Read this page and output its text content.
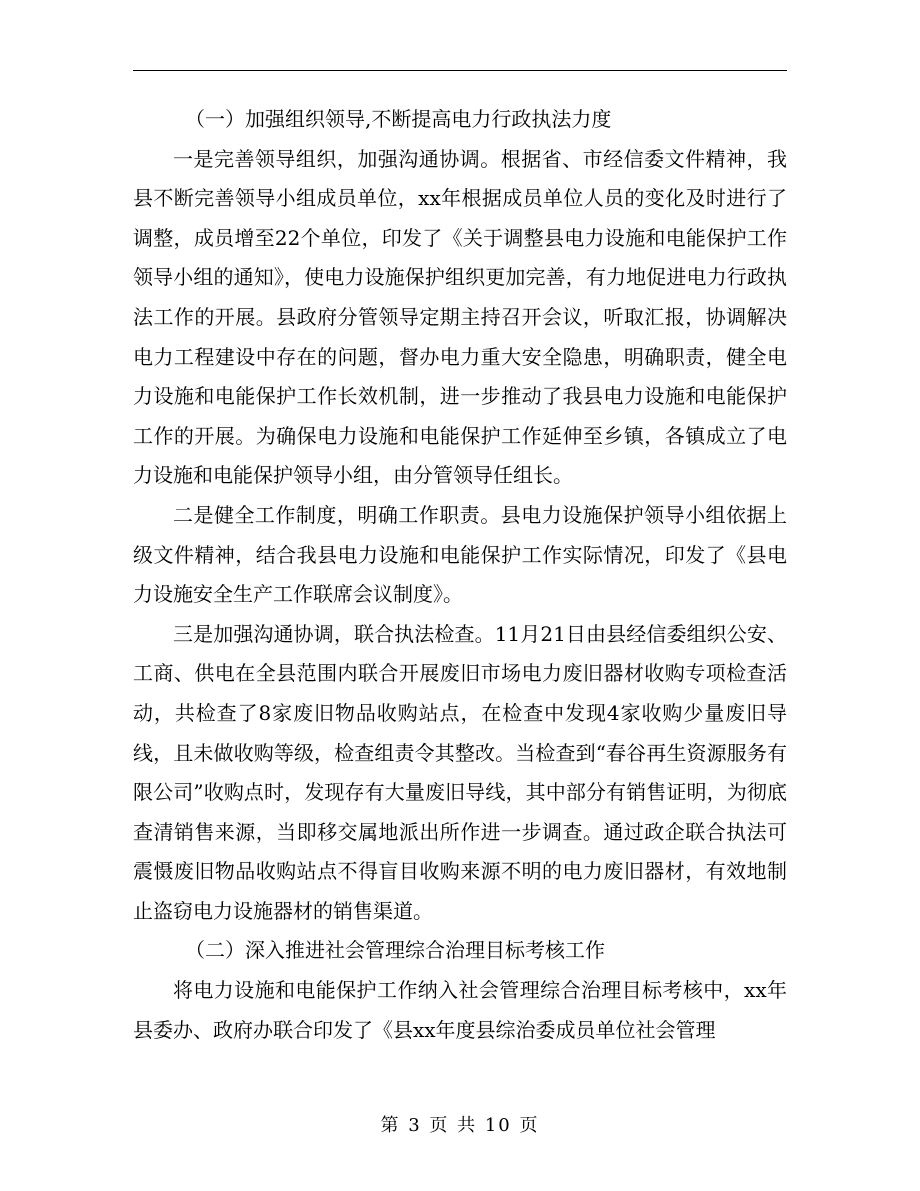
（一）加强组织领导,不断提高电力行政执法力度

一是完善领导组织，加强沟通协调。根据省、市经信委文件精神，我县不断完善领导小组成员单位，xx年根据成员单位人员的变化及时进行了调整，成员增至22个单位，印发了《关于调整县电力设施和电能保护工作领导小组的通知》，使电力设施保护组织更加完善，有力地促进电力行政执法工作的开展。县政府分管领导定期主持召开会议，听取汇报，协调解决电力工程建设中存在的问题，督办电力重大安全隐患，明确职责，健全电力设施和电能保护工作长效机制，进一步推动了我县电力设施和电能保护工作的开展。为确保电力设施和电能保护工作延伸至乡镇，各镇成立了电力设施和电能保护领导小组，由分管领导任组长。

二是健全工作制度，明确工作职责。县电力设施保护领导小组依据上级文件精神，结合我县电力设施和电能保护工作实际情况，印发了《县电力设施安全生产工作联席会议制度》。

三是加强沟通协调，联合执法检查。11月21日由县经信委组织公安、工商、供电在全县范围内联合开展废旧市场电力废旧器材收购专项检查活动，共检查了8家废旧物品收购站点，在检查中发现4家收购少量废旧导线，且未做收购等级，检查组责令其整改。当检查到“春谷再生资源服务有限公司”收购点时，发现存有大量废旧导线，其中部分有销售证明，为彻底查清销售来源，当即移交属地派出所作进一步调查。通过政企联合执法可震慑废旧物品收购站点不得盲目收购来源不明的电力废旧器材，有效地制止盗窃电力设施器材的销售渠道。

（二）深入推进社会管理综合治理目标考核工作

将电力设施和电能保护工作纳入社会管理综合治理目标考核中，xx年县委办、政府办联合印发了《县xx年度县综治委成员单位社会管理

第 3 页 共 10 页
